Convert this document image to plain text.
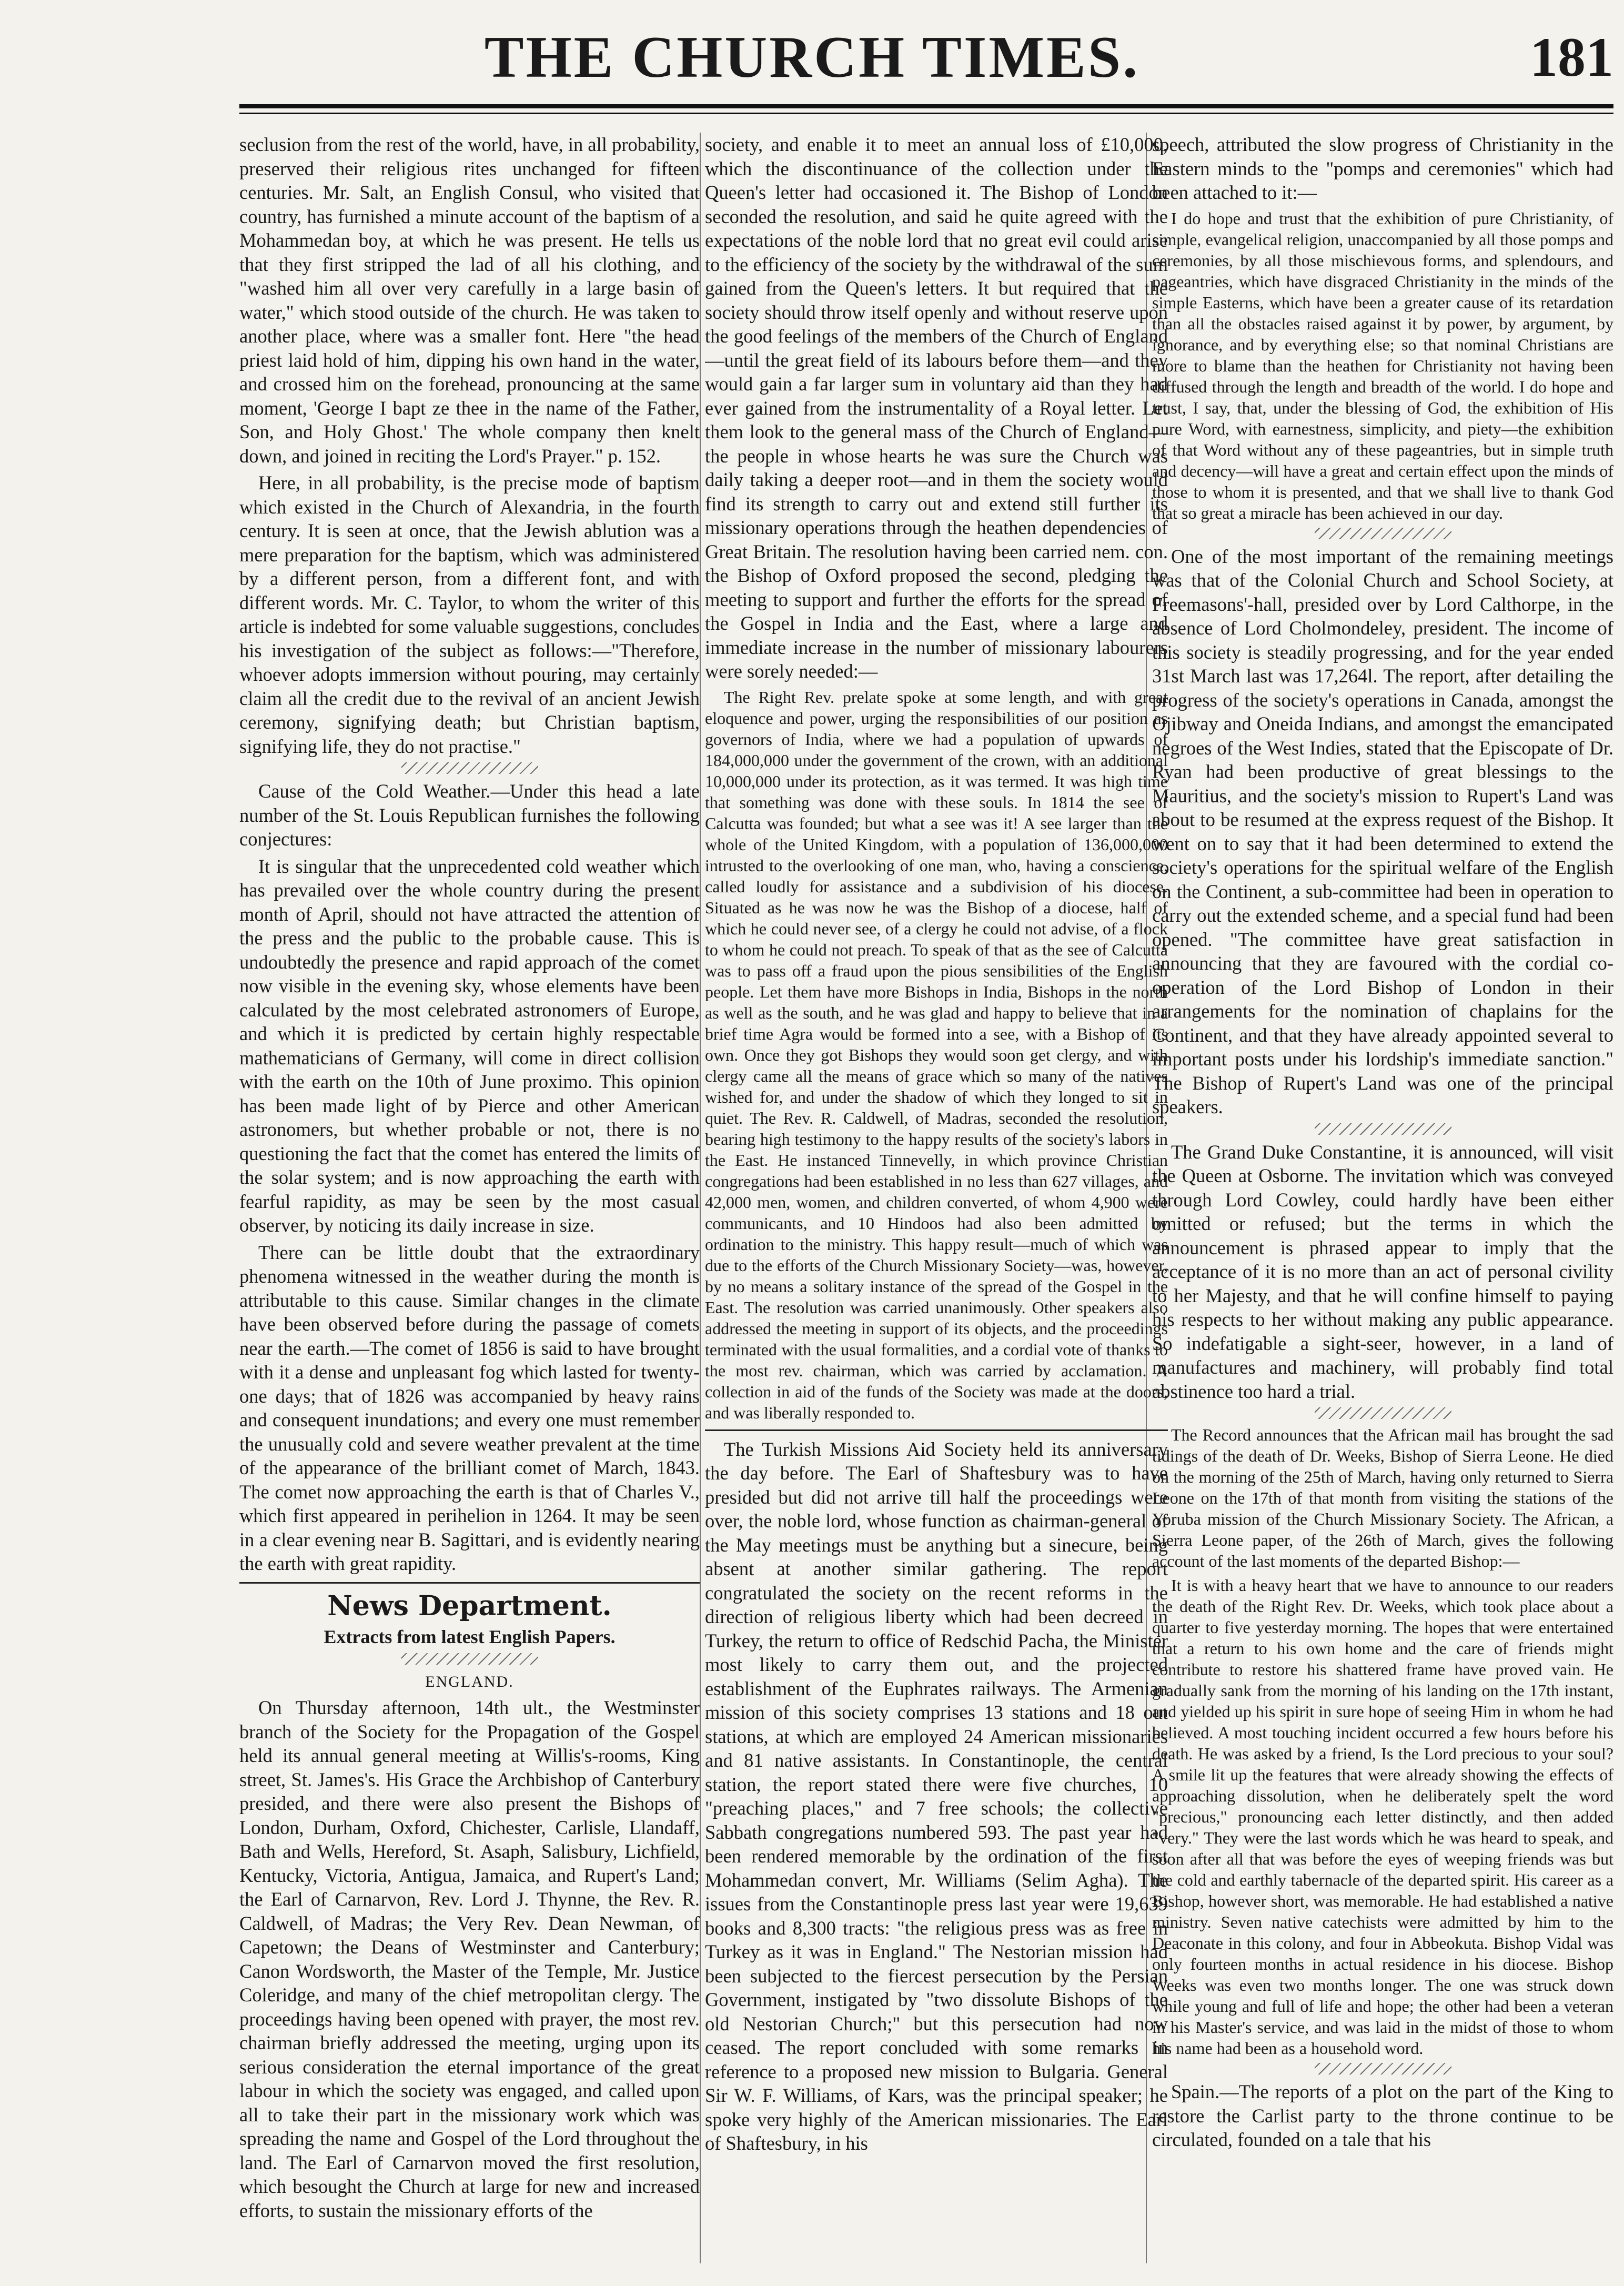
THE CHURCH TIMES.	181

seclusion from the rest of the world, have, in all probability, preserved their religious rites unchanged for fifteen centuries. Mr. Salt, an English Consul, who visited that country, has furnished a minute account of the baptism of a Mohammedan boy, at which he was present. He tells us that they first stripped the lad of all his clothing, and "washed him all over very carefully in a large basin of water," which stood outside of the church. He was taken to another place, where was a smaller font. Here "the head priest laid hold of him, dipping his own hand in the water, and crossed him on the forehead, pronouncing at the same moment, 'George I bapt ze thee in the name of the Father, Son, and Holy Ghost.' The whole company then knelt down, and joined in reciting the Lord's Prayer." p. 152.

Here, in all probability, is the precise mode of baptism which existed in the Church of Alexandria, in the fourth century. It is seen at once, that the Jewish ablution was a mere preparation for the baptism, which was administered by a different person, from a different font, and with different words. Mr. C. Taylor, to whom the writer of this article is indebted for some valuable suggestions, concludes his investigation of the subject as follows:—"Therefore, whoever adopts immersion without pouring, may certainly claim all the credit due to the revival of an ancient Jewish ceremony, signifying death; but Christian baptism, signifying life, they do not practise."

Cause of the Cold Weather.—Under this head a late number of the St. Louis Republican furnishes the following conjectures:

It is singular that the unprecedented cold weather which has prevailed over the whole country during the present month of April, should not have attracted the attention of the press and the public to the probable cause. This is undoubtedly the presence and rapid approach of the comet now visible in the evening sky, whose elements have been calculated by the most celebrated astronomers of Europe, and which it is predicted by certain highly respectable mathematicians of Germany, will come in direct collision with the earth on the 10th of June proximo. This opinion has been made light of by Pierce and other American astronomers, but whether probable or not, there is no questioning the fact that the comet has entered the limits of the solar system; and is now approaching the earth with fearful rapidity, as may be seen by the most casual observer, by noticing its daily increase in size.

There can be little doubt that the extraordinary phenomena witnessed in the weather during the month is attributable to this cause. Similar changes in the climate have been observed before during the passage of comets near the earth.—The comet of 1856 is said to have brought with it a dense and unpleasant fog which lasted for twenty-one days; that of 1826 was accompanied by heavy rains and consequent inundations; and every one must remember the unusually cold and severe weather prevalent at the time of the appearance of the brilliant comet of March, 1843. The comet now approaching the earth is that of Charles V., which first appeared in perihelion in 1264. It may be seen in a clear evening near B. Sagittari, and is evidently nearing the earth with great rapidity.

News Department.
Extracts from latest English Papers.
ENGLAND.

On Thursday afternoon, 14th ult., the Westminster branch of the Society for the Propagation of the Gospel held its annual general meeting at Willis's-rooms, King street, St. James's. His Grace the Archbishop of Canterbury presided, and there were also present the Bishops of London, Durham, Oxford, Chichester, Carlisle, Llandaff, Bath and Wells, Hereford, St. Asaph, Salisbury, Lichfield, Kentucky, Victoria, Antigua, Jamaica, and Rupert's Land; the Earl of Carnarvon, Rev. Lord J. Thynne, the Rev. R. Caldwell, of Madras; the Very Rev. Dean Newman, of Capetown; the Deans of Westminster and Canterbury; Canon Wordsworth, the Master of the Temple, Mr. Justice Coleridge, and many of the chief metropolitan clergy. The proceedings having been opened with prayer, the most rev. chairman briefly addressed the meeting, urging upon its serious consideration the eternal importance of the great labour in which the society was engaged, and called upon all to take their part in the missionary work which was spreading the name and Gospel of the Lord throughout the land. The Earl of Carnarvon moved the first resolution, which besought the Church at large for new and increased efforts, to sustain the missionary efforts of the

society, and enable it to meet an annual loss of £10,000, which the discontinuance of the collection under the Queen's letter had occasioned it. The Bishop of London seconded the resolution, and said he quite agreed with the expectations of the noble lord that no great evil could arise to the efficiency of the society by the withdrawal of the sum gained from the Queen's letters. It but required that the society should throw itself openly and without reserve upon the good feelings of the members of the Church of England—until the great field of its labours before them—and they would gain a far larger sum in voluntary aid than they had ever gained from the instrumentality of a Royal letter. Let them look to the general mass of the Church of England—the people in whose hearts he was sure the Church was daily taking a deeper root—and in them the society would find its strength to carry out and extend still further its missionary operations through the heathen dependencies of Great Britain. The resolution having been carried nem. con. the Bishop of Oxford proposed the second, pledging the meeting to support and further the efforts for the spread of the Gospel in India and the East, where a large and immediate increase in the number of missionary labourers were sorely needed:—

The Right Rev. prelate spoke at some length, and with great eloquence and power, urging the responsibilities of our position as governors of India, where we had a population of upwards of 184,000,000 under the government of the crown, with an additional 10,000,000 under its protection, as it was termed. It was high time that something was done with these souls. In 1814 the see of Calcutta was founded; but what a see was it! A see larger than the whole of the United Kingdom, with a population of 136,000,000 intrusted to the overlooking of one man, who, having a conscience, called loudly for assistance and a subdivision of his diocese. Situated as he was now he was the Bishop of a diocese, half of which he could never see, of a clergy he could not advise, of a flock to whom he could not preach. To speak of that as the see of Calcutta was to pass off a fraud upon the pious sensibilities of the English people. Let them have more Bishops in India, Bishops in the north as well as the south, and he was glad and happy to believe that in a brief time Agra would be formed into a see, with a Bishop of its own. Once they got Bishops they would soon get clergy, and with clergy came all the means of grace which so many of the natives wished for, and under the shadow of which they longed to sit in quiet. The Rev. R. Caldwell, of Madras, seconded the resolution, bearing high testimony to the happy results of the society's labors in the East. He instanced Tinnevelly, in which province Christian congregations had been established in no less than 627 villages, and 42,000 men, women, and children converted, of whom 4,900 were communicants, and 10 Hindoos had also been admitted by ordination to the ministry. This happy result—much of which was due to the efforts of the Church Missionary Society—was, however, by no means a solitary instance of the spread of the Gospel in the East. The resolution was carried unanimously. Other speakers also addressed the meeting in support of its objects, and the proceedings terminated with the usual formalities, and a cordial vote of thanks to the most rev. chairman, which was carried by acclamation. A collection in aid of the funds of the Society was made at the doors, and was liberally responded to.

The Turkish Missions Aid Society held its anniversary the day before. The Earl of Shaftesbury was to have presided but did not arrive till half the proceedings were over, the noble lord, whose function as chairman-general of the May meetings must be anything but a sinecure, being absent at another similar gathering. The report congratulated the society on the recent reforms in the direction of religious liberty which had been decreed in Turkey, the return to office of Redschid Pacha, the Minister most likely to carry them out, and the projected establishment of the Euphrates railways. The Armenian mission of this society comprises 13 stations and 18 out stations, at which are employed 24 American missionaries and 81 native assistants. In Constantinople, the central station, the report stated there were five churches, 10 "preaching places," and 7 free schools; the collective Sabbath congregations numbered 593. The past year had been rendered memorable by the ordination of the first Mohammedan convert, Mr. Williams (Selim Agha). The issues from the Constantinople press last year were 19,639 books and 8,300 tracts: "the religious press was as free in Turkey as it was in England." The Nestorian mission had been subjected to the fiercest persecution by the Persian Government, instigated by "two dissolute Bishops of the old Nestorian Church;" but this persecution had now ceased. The report concluded with some remarks in reference to a proposed new mission to Bulgaria. General Sir W. F. Williams, of Kars, was the principal speaker; he spoke very highly of the American missionaries. The Earl of Shaftesbury, in his

speech, attributed the slow progress of Christianity in the Eastern minds to the "pomps and ceremonies" which had been attached to it:—

I do hope and trust that the exhibition of pure Christianity, of simple, evangelical religion, unaccompanied by all those pomps and ceremonies, by all those mischievous forms, and splendours, and pageantries, which have disgraced Christianity in the minds of the simple Easterns, which have been a greater cause of its retardation than all the obstacles raised against it by power, by argument, by ignorance, and by everything else; so that nominal Christians are more to blame than the heathen for Christianity not having been diffused through the length and breadth of the world. I do hope and trust, I say, that, under the blessing of God, the exhibition of His pure Word, with earnestness, simplicity, and piety—the exhibition of that Word without any of these pageantries, but in simple truth and decency—will have a great and certain effect upon the minds of those to whom it is presented, and that we shall live to thank God that so great a miracle has been achieved in our day.

One of the most important of the remaining meetings was that of the Colonial Church and School Society, at Freemasons'-hall, presided over by Lord Calthorpe, in the absence of Lord Cholmondeley, president. The income of this society is steadily progressing, and for the year ended 31st March last was 17,264l. The report, after detailing the progress of the society's operations in Canada, amongst the Ojibway and Oneida Indians, and amongst the emancipated negroes of the West Indies, stated that the Episcopate of Dr. Ryan had been productive of great blessings to the Mauritius, and the society's mission to Rupert's Land was about to be resumed at the express request of the Bishop. It went on to say that it had been determined to extend the society's operations for the spiritual welfare of the English on the Continent, a sub-committee had been in operation to carry out the extended scheme, and a special fund had been opened. "The committee have great satisfaction in announcing that they are favoured with the cordial co-operation of the Lord Bishop of London in their arrangements for the nomination of chaplains for the Continent, and that they have already appointed several to important posts under his lordship's immediate sanction." The Bishop of Rupert's Land was one of the principal speakers.

The Grand Duke Constantine, it is announced, will visit the Queen at Osborne. The invitation which was conveyed through Lord Cowley, could hardly have been either omitted or refused; but the terms in which the announcement is phrased appear to imply that the acceptance of it is no more than an act of personal civility to her Majesty, and that he will confine himself to paying his respects to her without making any public appearance. So indefatigable a sight-seer, however, in a land of manufactures and machinery, will probably find total abstinence too hard a trial.

The Record announces that the African mail has brought the sad tidings of the death of Dr. Weeks, Bishop of Sierra Leone. He died on the morning of the 25th of March, having only returned to Sierra Leone on the 17th of that month from visiting the stations of the Yoruba mission of the Church Missionary Society. The African, a Sierra Leone paper, of the 26th of March, gives the following account of the last moments of the departed Bishop:—

It is with a heavy heart that we have to announce to our readers the death of the Right Rev. Dr. Weeks, which took place about a quarter to five yesterday morning. The hopes that were entertained that a return to his own home and the care of friends might contribute to restore his shattered frame have proved vain. He gradually sank from the morning of his landing on the 17th instant, and yielded up his spirit in sure hope of seeing Him in whom he had believed. A most touching incident occurred a few hours before his death. He was asked by a friend, Is the Lord precious to your soul? A smile lit up the features that were already showing the effects of approaching dissolution, when he deliberately spelt the word "precious," pronouncing each letter distinctly, and then added "very." They were the last words which he was heard to speak, and soon after all that was before the eyes of weeping friends was but the cold and earthly tabernacle of the departed spirit. His career as a Bishop, however short, was memorable. He had established a native ministry. Seven native catechists were admitted by him to the Deaconate in this colony, and four in Abbeokuta. Bishop Vidal was only fourteen months in actual residence in his diocese. Bishop Weeks was even two months longer. The one was struck down while young and full of life and hope; the other had been a veteran in his Master's service, and was laid in the midst of those to whom his name had been as a household word.

Spain.—The reports of a plot on the part of the King to restore the Carlist party to the throne continue to be circulated, founded on a tale that his
